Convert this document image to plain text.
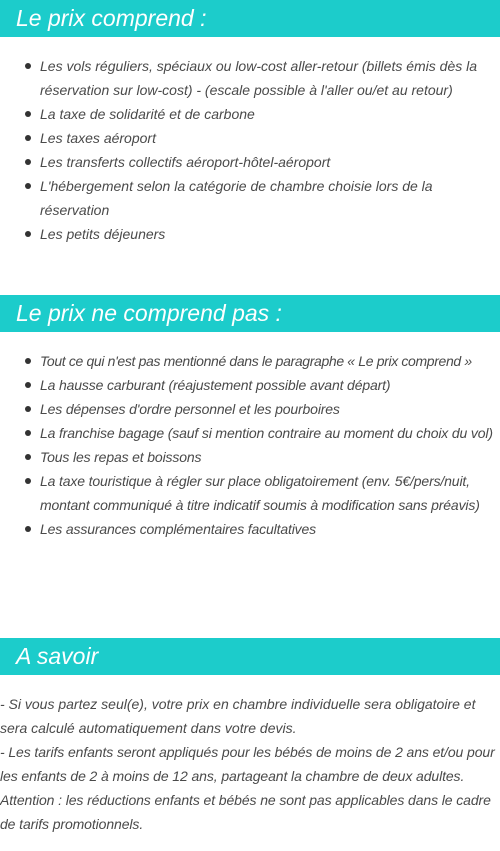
Le prix comprend :
Les vols réguliers, spéciaux ou low-cost aller-retour (billets émis dès la réservation sur low-cost) - (escale possible à l'aller ou/et au retour)
La taxe de solidarité et de carbone
Les taxes aéroport
Les transferts collectifs aéroport-hôtel-aéroport
L'hébergement selon la catégorie de chambre choisie lors de la réservation
Les petits déjeuners
Le prix ne comprend pas :
Tout ce qui n'est pas mentionné dans le paragraphe « Le prix comprend »
La hausse carburant (réajustement possible avant départ)
Les dépenses d'ordre personnel et les pourboires
La franchise bagage (sauf si mention contraire au moment du choix du vol)
Tous les repas et boissons
La taxe touristique à régler sur place obligatoirement (env. 5€/pers/nuit, montant communiqué à titre indicatif soumis à modification sans préavis)
Les assurances complémentaires facultatives
A savoir

- Si vous partez seul(e), votre prix en chambre individuelle sera obligatoire et sera calculé automatiquement dans votre devis.

- Les tarifs enfants seront appliqués pour les bébés de moins de 2 ans et/ou pour les enfants de 2 à moins de 12 ans, partageant la chambre de deux adultes.

Attention : les réductions enfants et bébés ne sont pas applicables dans le cadre de tarifs promotionnels.
